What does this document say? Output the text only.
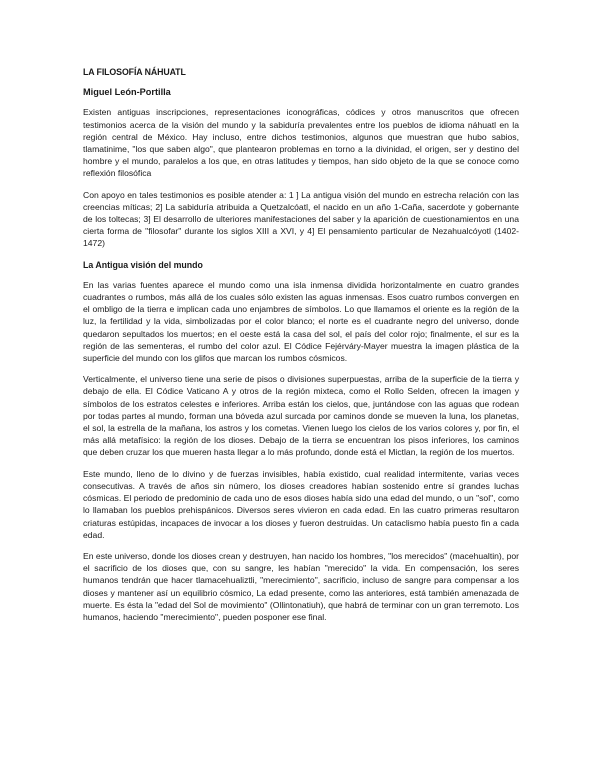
LA FILOSOFÍA NÁHUATL
Miguel León-Portilla

Existen antiguas inscripciones, representaciones iconográficas, códices y otros manuscritos que ofrecen testimonios acerca de la visión del mundo y la sabiduría prevalentes entre los pueblos de idioma náhuatl en la región central de México. Hay incluso, entre dichos testimonios, algunos que muestran que hubo sabios, tlamatinime, "los que saben algo", que plantearon problemas en torno a la divinidad, el origen, ser y destino del hombre y el mundo, paralelos a los que, en otras latitudes y tiempos, han sido objeto de la que se conoce como reflexión filosófica

Con apoyo en tales testimonios es posible atender a: 1 ] La antigua visión del mundo en estrecha relación con las creencias míticas; 2] La sabiduría atribuida a Quetzalcóatl, el nacido en un año 1-Caña, sacerdote y gobernante de los toltecas; 3] El desarrollo de ulteriores manifestaciones del saber y la aparición de cuestionamientos en una cierta forma de "filosofar" durante los siglos XIII a XVI, y 4] El pensamiento particular de Nezahualcóyotl (1402-1472)

La Antigua visión del mundo

En las varias fuentes aparece el mundo como una isla inmensa dividida horizontalmente en cuatro grandes cuadrantes o rumbos, más allá de los cuales sólo existen las aguas inmensas. Esos cuatro rumbos convergen en el ombligo de la tierra e implican cada uno enjambres de símbolos. Lo que llamamos el oriente es la región de la luz, la fertilidad y la vida, simbolizadas por el color blanco; el norte es el cuadrante negro del universo, donde quedaron sepultados los muertos; en el oeste está la casa del sol, el país del color rojo; finalmente, el sur es la región de las sementeras, el rumbo del color azul. El Códice Fejérváry-Mayer muestra la imagen plástica de la superficie del mundo con los glifos que marcan los rumbos cósmicos.

Verticalmente, el universo tiene una serie de pisos o divisiones superpuestas, arriba de la superficie de la tierra y debajo de ella. El Códice Vaticano A y otros de la región mixteca, como el Rollo Selden, ofrecen la imagen y símbolos de los estratos celestes e inferiores. Arriba están los cielos, que, juntándose con las aguas que rodean por todas partes al mundo, forman una bóveda azul surcada por caminos donde se mueven la luna, los planetas, el sol, la estrella de la mañana, los astros y los cometas. Vienen luego los cielos de los varios colores y, por fin, el más allá metafísico: la región de los dioses. Debajo de la tierra se encuentran los pisos inferiores, los caminos que deben cruzar los que mueren hasta llegar a lo más profundo, donde está el Mictlan, la región de los muertos.

Este mundo, lleno de lo divino y de fuerzas invisibles, había existido, cual realidad intermitente, varias veces consecutivas. A través de años sin número, los dioses creadores habían sostenido entre sí grandes luchas cósmicas. El periodo de predominio de cada uno de esos dioses había sido una edad del mundo, o un "sol", como lo llamaban los pueblos prehispánicos. Diversos seres vivieron en cada edad. En las cuatro primeras resultaron criaturas estúpidas, incapaces de invocar a los dioses y fueron destruidas. Un cataclismo había puesto fin a cada edad.

En este universo, donde los dioses crean y destruyen, han nacido los hombres, "los merecidos" (macehualtin), por el sacrificio de los dioses que, con su sangre, les habían "merecido" la vida. En compensación, los seres humanos tendrán que hacer tlamacehualiztli, "merecimiento", sacrificio, incluso de sangre para compensar a los dioses y mantener así un equilibrio cósmico, La edad presente, como las anteriores, está también amenazada de muerte. Es ésta la "edad del Sol de movimiento" (Ollintonatiuh), que habrá de terminar con un gran terremoto. Los humanos, haciendo "merecimiento", pueden posponer ese final.
